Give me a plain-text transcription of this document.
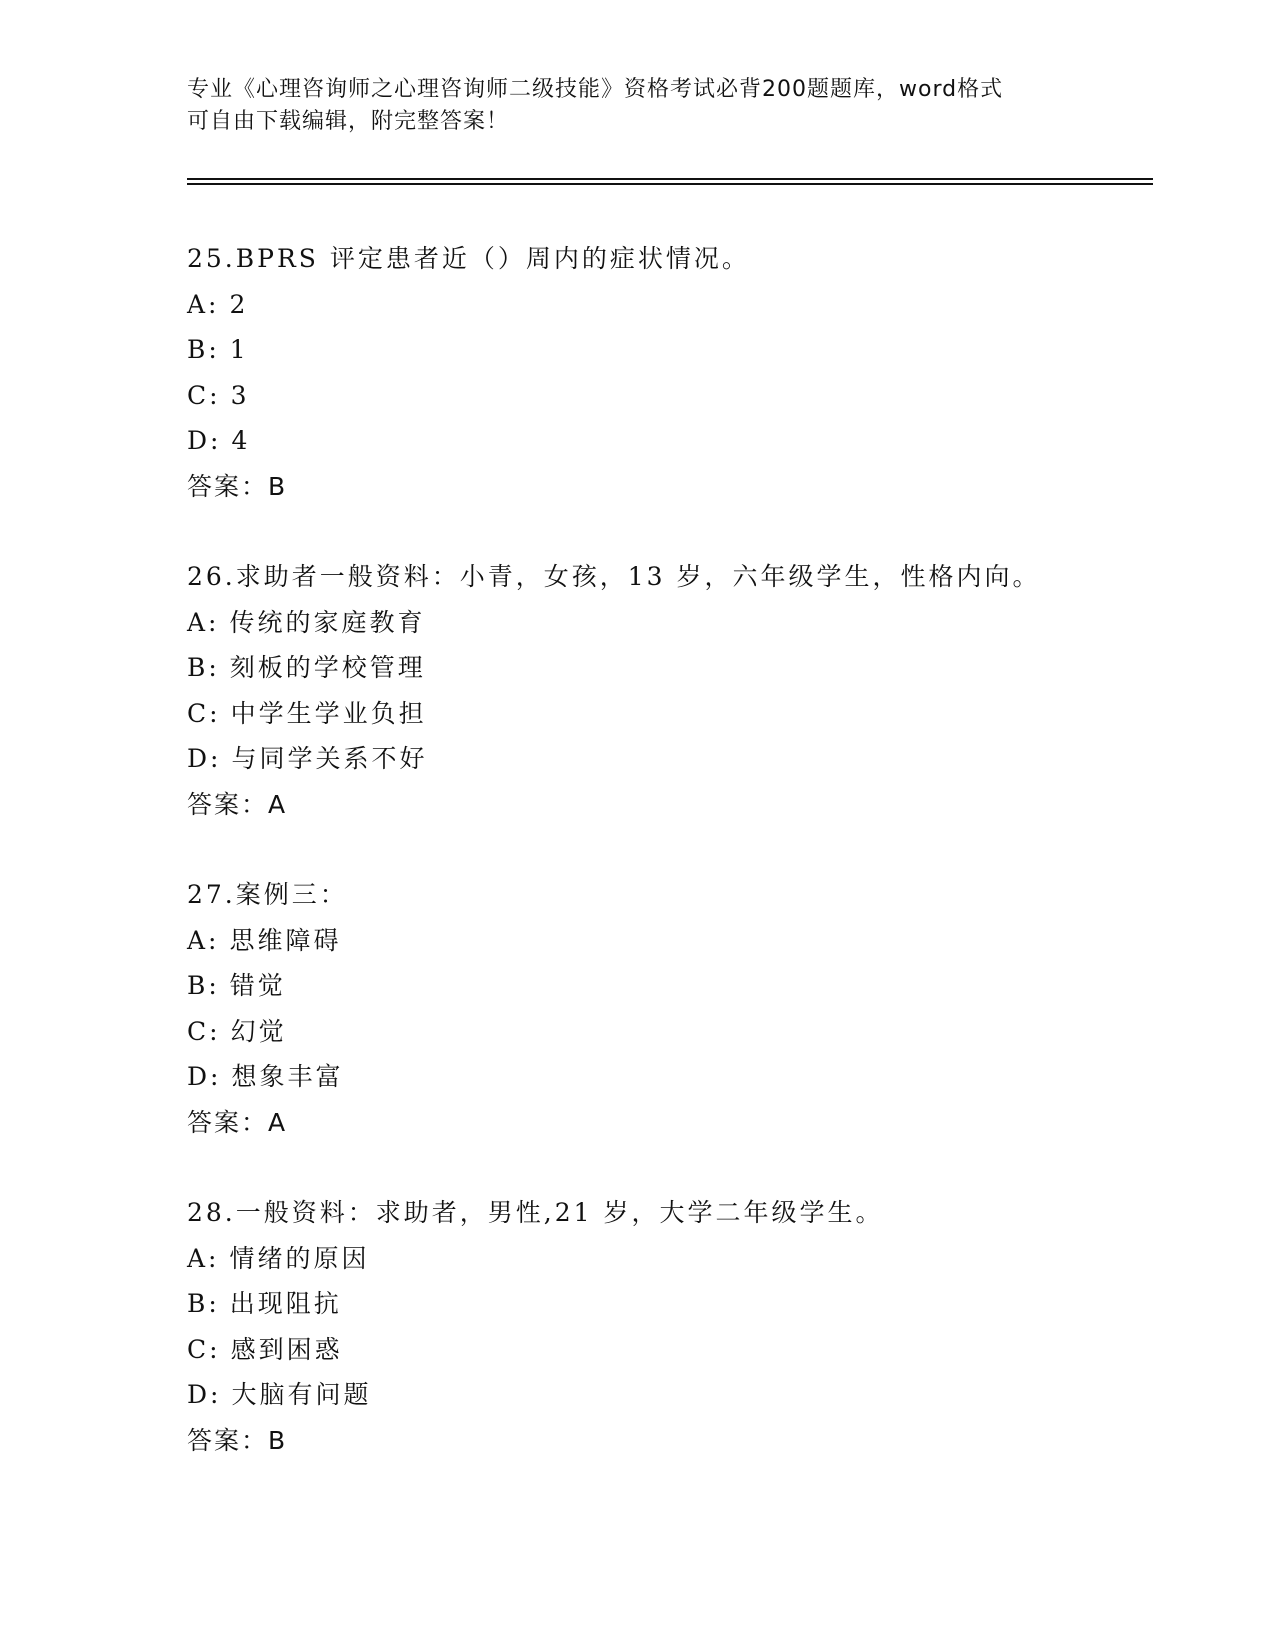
专业《心理咨询师之心理咨询师二级技能》资格考试必背200题题库，word格式
可自由下载编辑，附完整答案！
25.BPRS 评定患者近（）周内的症状情况。
A: 2
B: 1
C: 3
D: 4
答案：B
26.求助者一般资料：小青，女孩，13 岁，六年级学生，性格内向。
A: 传统的家庭教育
B: 刻板的学校管理
C: 中学生学业负担
D: 与同学关系不好
答案：A
27.案例三：
A: 思维障碍
B: 错觉
C: 幻觉
D: 想象丰富
答案：A
28.一般资料：求助者，男性,21 岁，大学二年级学生。
A: 情绪的原因
B: 出现阻抗
C: 感到困惑
D: 大脑有问题
答案：B
